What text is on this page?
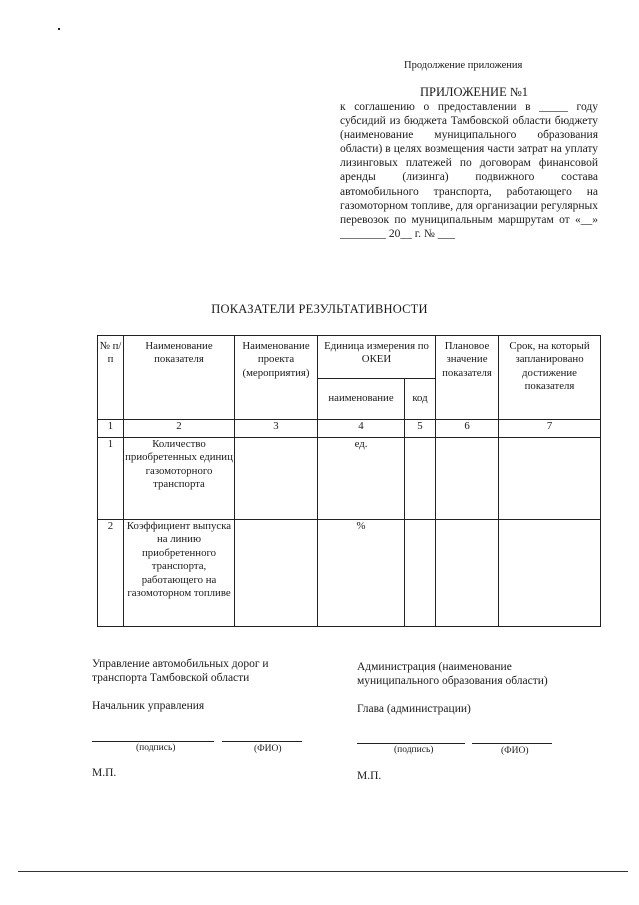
Продолжение приложения
ПРИЛОЖЕНИЕ №1
к соглашению о предоставлении в _____ году субсидий из бюджета Тамбовской области бюджету (наименование муниципального образования области) в целях возмещения части затрат на уплату лизинговых платежей по договорам финансовой аренды (лизинга) подвижного состава автомобильного транспорта, работающего на газомоторном топливе, для организации регулярных перевозок по муниципальным маршрутам от «__» ________ 20__ г. № ___
ПОКАЗАТЕЛИ РЕЗУЛЬТАТИВНОСТИ
№ п/п	Наименование показателя	Наименование проекта (мероприятия)	Единица измерения по ОКЕИ		Плановое значение показателя	Срок, на который запланировано достижение показателя
			наименование	код		
1	2	3	4	5	6	7
1	Количество приобретенных единиц газомоторного транспорта		ед.			
2	Коэффициент выпуска на линию приобретенного транспорта, работающего на газомоторном топливе		%			
Управление автомобильных дорог и транспорта Тамбовской области
Начальник управления
(подпись)	(ФИО)
М.П.
Администрация (наименование муниципального образования области)
Глава (администрации)
(подпись)	(ФИО)
М.П.
